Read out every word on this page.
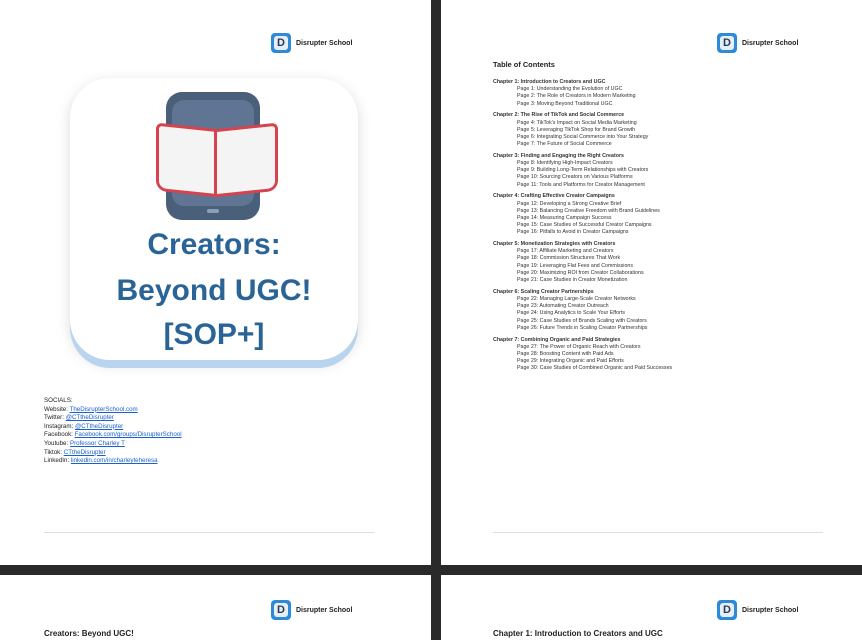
D	Disrupter School
Creators:
Beyond UGC!
[SOP+]
SOCIALS:
Website: TheDisrupterSchool.com
Twitter: @CTtheDisrupter
Instagram: @CTtheDisrupter
Facebook: Facebook.com/groups/DisrupterSchool
Youtube: Professor Charley T
Tiktok: CTtheDisrupter
LinkedIn: linkedin.com/in/charleyteheresa
D	Disrupter School
Table of Contents
Chapter 1: Introduction to Creators and UGC
Page 1: Understanding the Evolution of UGC
Page 2: The Role of Creators in Modern Marketing
Page 3: Moving Beyond Traditional UGC
Chapter 2: The Rise of TikTok and Social Commerce
Page 4: TikTok's Impact on Social Media Marketing
Page 5: Leveraging TikTok Shop for Brand Growth
Page 6: Integrating Social Commerce into Your Strategy
Page 7: The Future of Social Commerce
Chapter 3: Finding and Engaging the Right Creators
Page 8: Identifying High-Impact Creators
Page 9: Building Long-Term Relationships with Creators
Page 10: Sourcing Creators on Various Platforms
Page 11: Tools and Platforms for Creator Management
Chapter 4: Crafting Effective Creator Campaigns
Page 12: Developing a Strong Creative Brief
Page 13: Balancing Creative Freedom with Brand Guidelines
Page 14: Measuring Campaign Success
Page 15: Case Studies of Successful Creator Campaigns
Page 16: Pitfalls to Avoid in Creator Campaigns
Chapter 5: Monetization Strategies with Creators
Page 17: Affiliate Marketing and Creators
Page 18: Commission Structures That Work
Page 19: Leveraging Flat Fees and Commissions
Page 20: Maximizing ROI from Creator Collaborations
Page 21: Case Studies in Creator Monetization
Chapter 6: Scaling Creator Partnerships
Page 22: Managing Large-Scale Creator Networks
Page 23: Automating Creator Outreach
Page 24: Using Analytics to Scale Your Efforts
Page 25: Case Studies of Brands Scaling with Creators
Page 26: Future Trends in Scaling Creator Partnerships
Chapter 7: Combining Organic and Paid Strategies
Page 27: The Power of Organic Reach with Creators
Page 28: Boosting Content with Paid Ads
Page 29: Integrating Organic and Paid Efforts
Page 30: Case Studies of Combined Organic and Paid Successes
D	Disrupter School
Creators: Beyond UGC!
D	Disrupter School
Chapter 1: Introduction to Creators and UGC
